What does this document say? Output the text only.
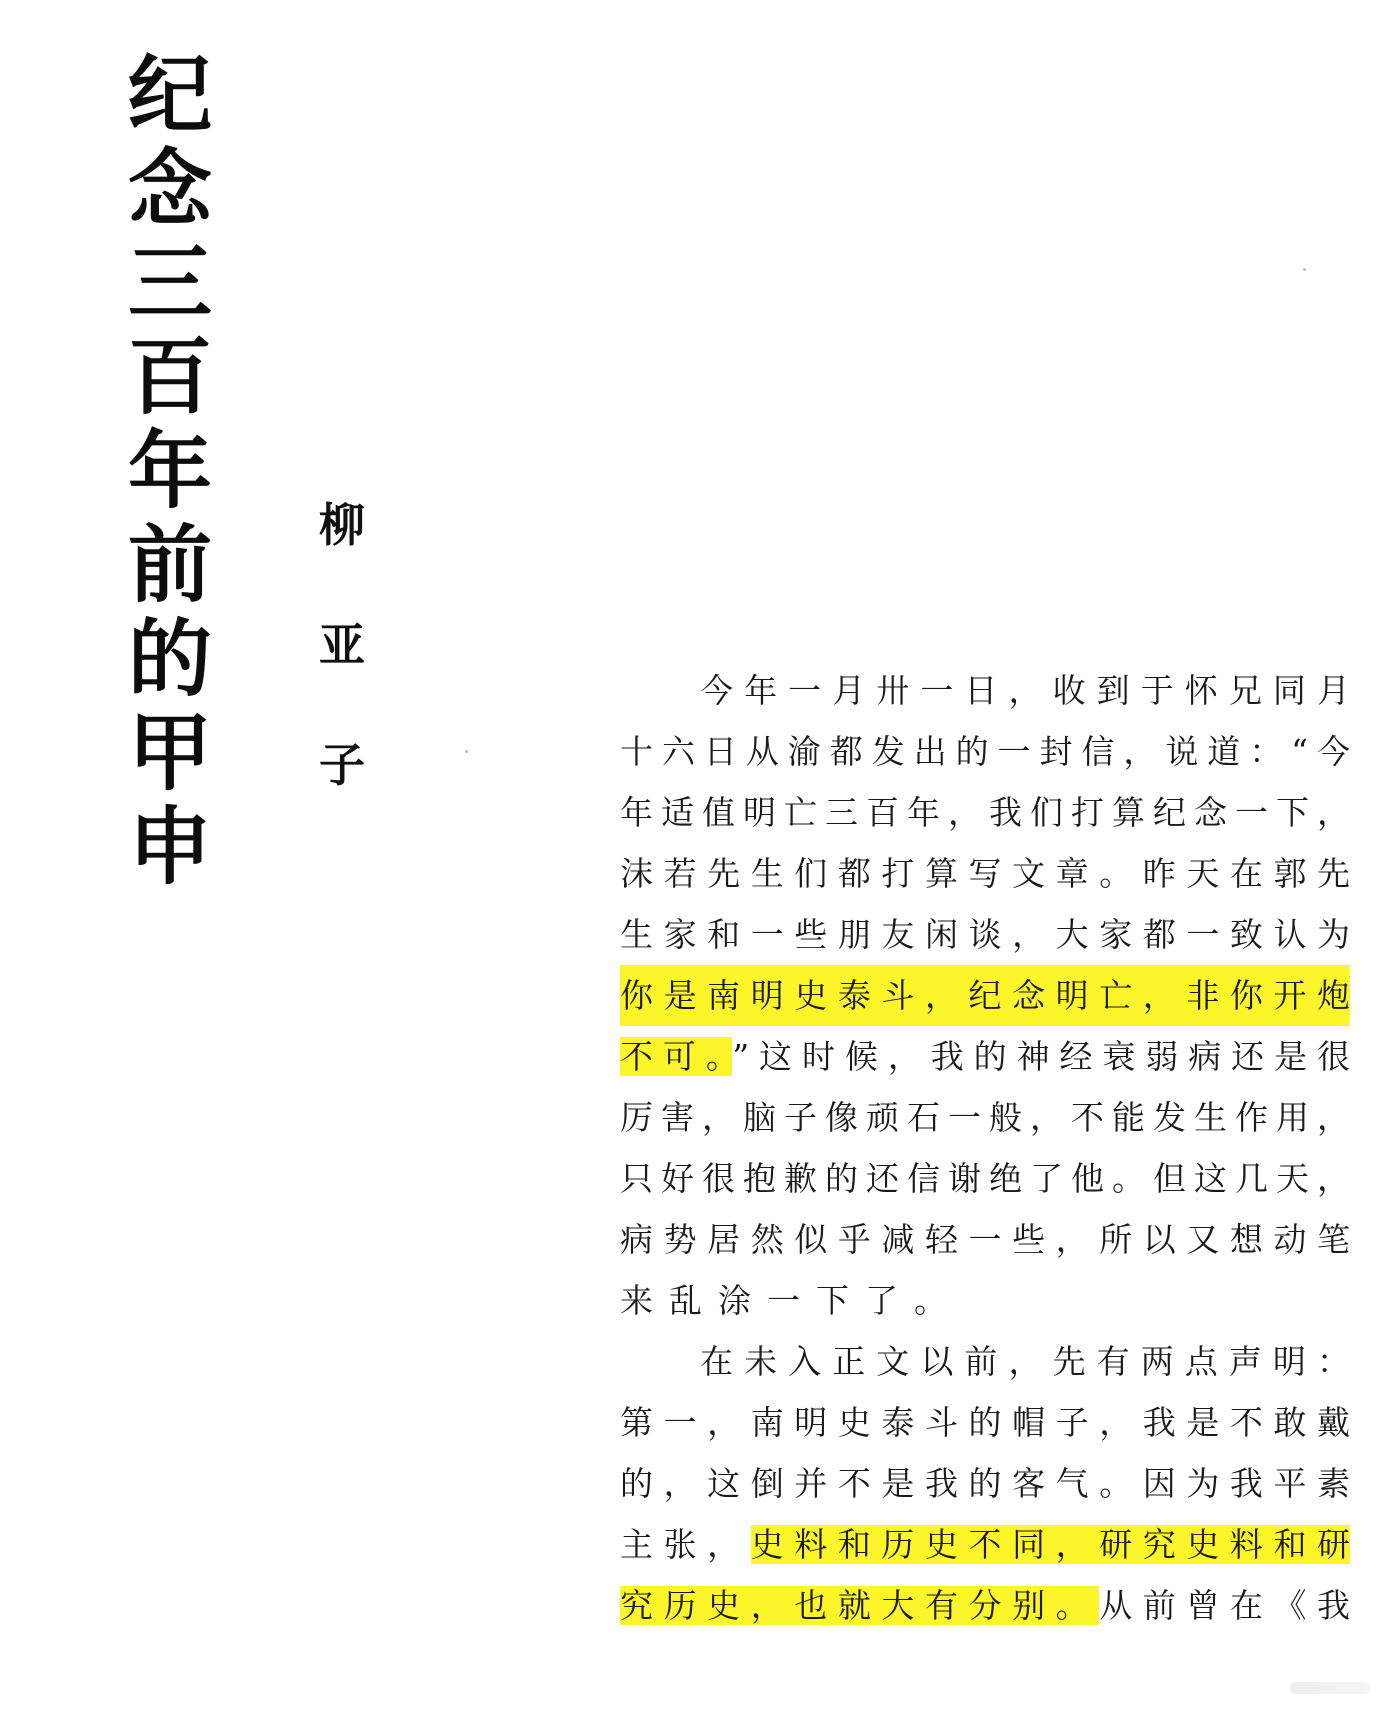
纪
念
三
百
年
前
的
甲
申
柳
亚
子
今年一月卅一日，收到于怀兄同月
十六日从渝都发出的一封信，说道：“今
年适值明亡三百年，我们打算纪念一下，
沫若先生们都打算写文章。昨天在郭先
生家和一些朋友闲谈，大家都一致认为
你是南明史泰斗，纪念明亡，非你开炮
不可。”这时候，我的神经衰弱病还是很
厉害，脑子像顽石一般，不能发生作用，
只好很抱歉的还信谢绝了他。但这几天，
病势居然似乎减轻一些，所以又想动笔
来乱涂一下了。
在未入正文以前，先有两点声明：
第一，南明史泰斗的帽子，我是不敢戴
的，这倒并不是我的客气。因为我平素
主张，史料和历史不同，研究史料和研
究历史，也就大有分别。从前曾在《我
